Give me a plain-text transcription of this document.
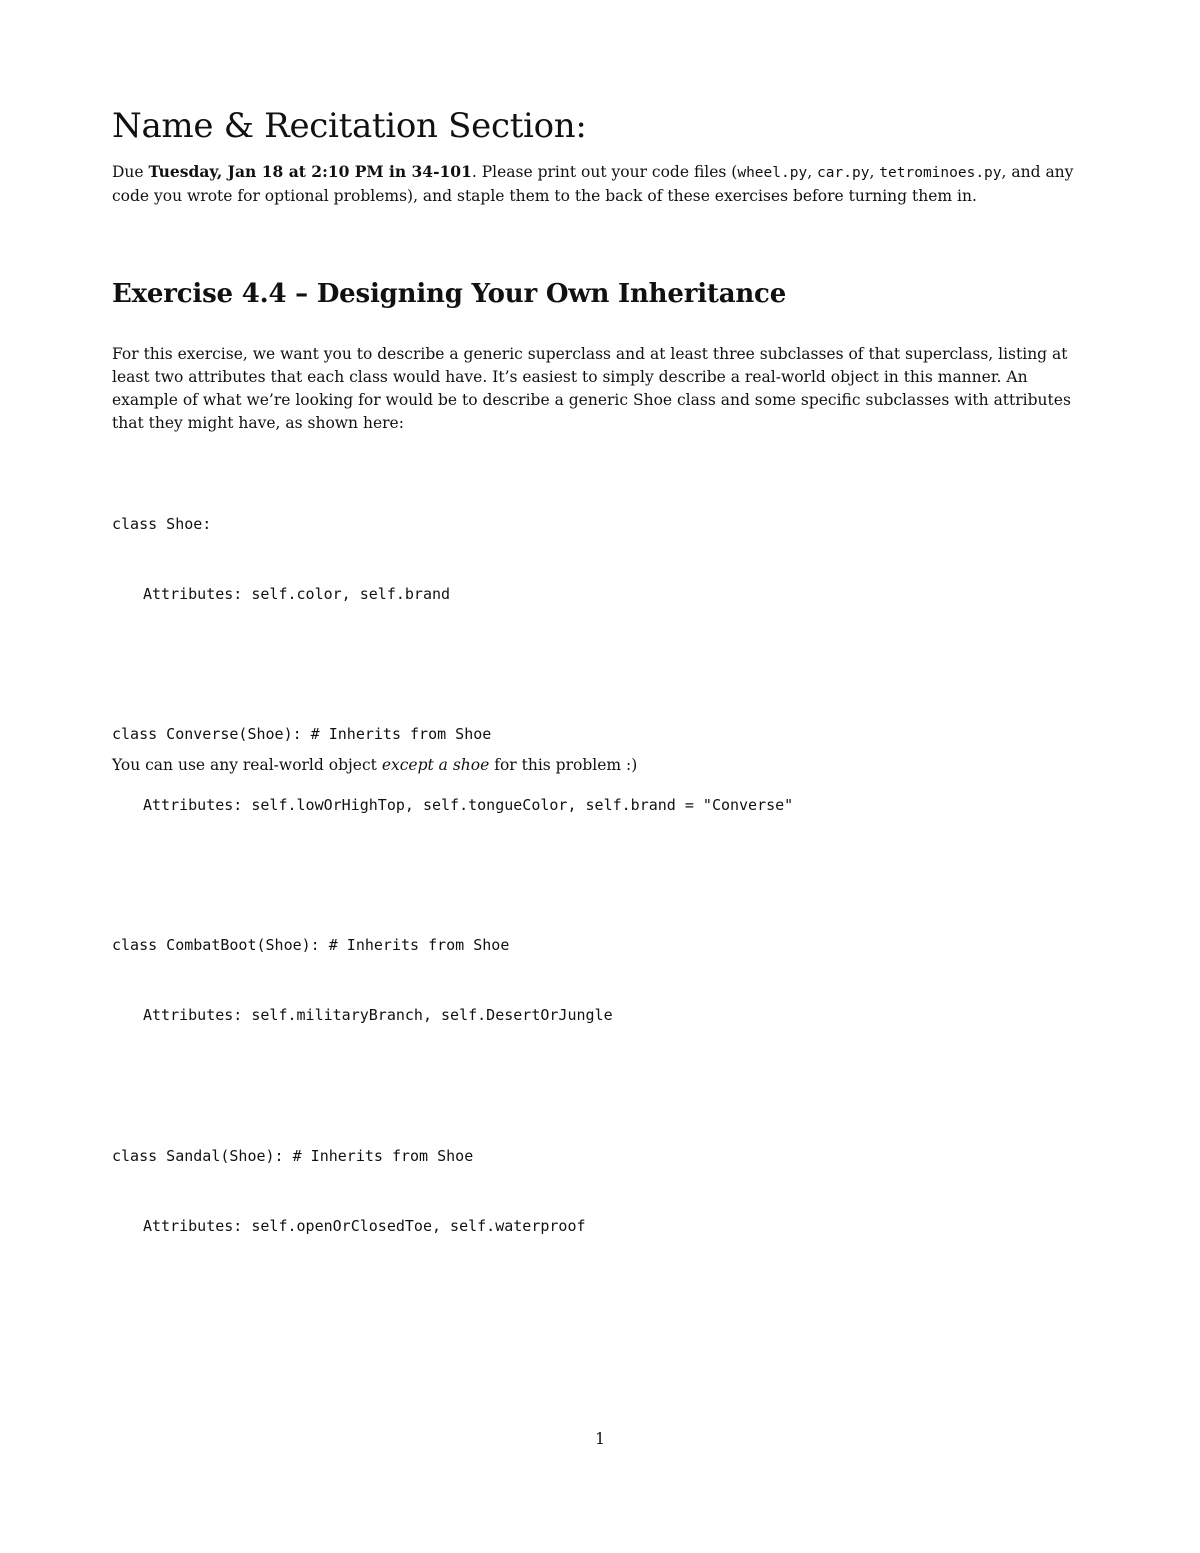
Name & Recitation Section:

Due Tuesday, Jan 18 at 2:10 PM in 34-101. Please print out your code files (wheel.py, car.py, tetrominoes.py, and any code you wrote for optional problems), and staple them to the back of these exercises before turning them in.

Exercise 4.4 – Designing Your Own Inheritance

For this exercise, we want you to describe a generic superclass and at least three subclasses of that superclass, listing at least two attributes that each class would have. It’s easiest to simply describe a real-world object in this manner. An example of what we’re looking for would be to describe a generic Shoe class and some specific subclasses with attributes that they might have, as shown here:

class Shoe:

Attributes: self.color, self.brand

class Converse(Shoe): # Inherits from Shoe

Attributes: self.lowOrHighTop, self.tongueColor, self.brand = "Converse"

class CombatBoot(Shoe): # Inherits from Shoe

Attributes: self.militaryBranch, self.DesertOrJungle

class Sandal(Shoe): # Inherits from Shoe

Attributes: self.openOrClosedToe, self.waterproof

You can use any real-world object except a shoe for this problem :)

1
